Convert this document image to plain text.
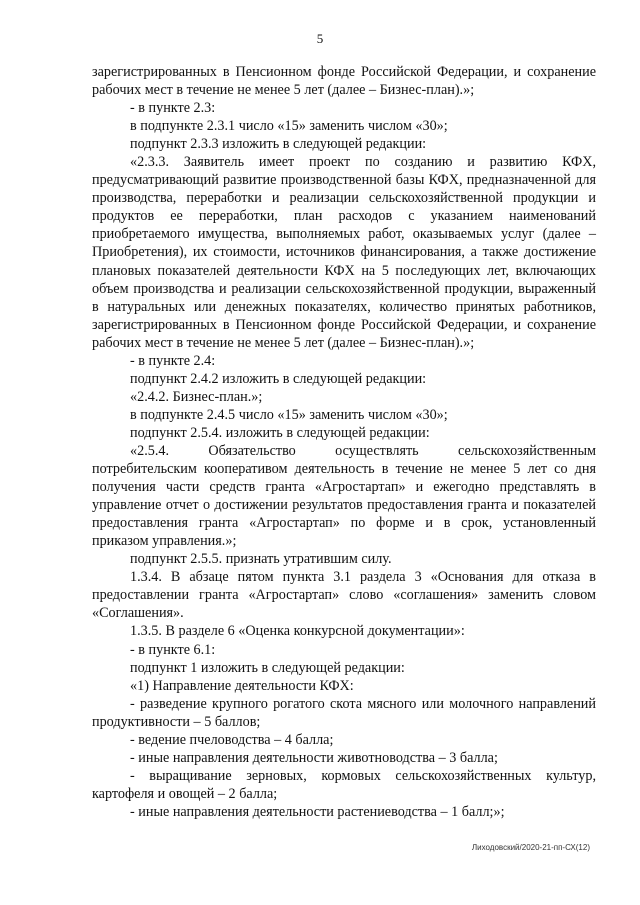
5

зарегистрированных в Пенсионном фонде Российской Федерации, и сохранение рабочих мест в течение не менее 5 лет (далее – Бизнес-план).»;

- в пункте 2.3:

в подпункте 2.3.1 число «15» заменить числом «30»;

подпункт 2.3.3 изложить в следующей редакции:

«2.3.3. Заявитель имеет проект по созданию и развитию КФХ, предусматривающий развитие производственной базы КФХ, предназначенной для производства, переработки и реализации сельскохозяйственной продукции и продуктов ее переработки, план расходов с указанием наименований приобретаемого имущества, выполняемых работ, оказываемых услуг (далее – Приобретения), их стоимости, источников финансирования, а также достижение плановых показателей деятельности КФХ на 5 последующих лет, включающих объем производства и реализации сельскохозяйственной продукции, выраженный в натуральных или денежных показателях, количество принятых работников, зарегистрированных в Пенсионном фонде Российской Федерации, и сохранение рабочих мест в течение не менее 5 лет (далее – Бизнес-план).»;

- в пункте 2.4:

подпункт 2.4.2 изложить в следующей редакции:

«2.4.2. Бизнес-план.»;

в подпункте 2.4.5 число «15» заменить числом «30»;

подпункт 2.5.4. изложить в следующей редакции:

«2.5.4. Обязательство осуществлять сельскохозяйственным потребительским кооперативом деятельность в течение не менее 5 лет со дня получения части средств гранта «Агростартап» и ежегодно представлять в управление отчет о достижении результатов предоставления гранта и показателей предоставления гранта «Агростартап» по форме и в срок, установленный приказом управления.»;

подпункт 2.5.5. признать утратившим силу.

1.3.4. В абзаце пятом пункта 3.1 раздела 3 «Основания для отказа в предоставлении гранта «Агростартап» слово «соглашения» заменить словом «Соглашения».

1.3.5. В разделе 6 «Оценка конкурсной документации»:

- в пункте 6.1:

подпункт 1 изложить в следующей редакции:

«1) Направление деятельности КФХ:

- разведение крупного рогатого скота мясного или молочного направлений продуктивности – 5 баллов;

- ведение пчеловодства – 4 балла;

- иные направления деятельности животноводства – 3 балла;

- выращивание зерновых, кормовых сельскохозяйственных культур, картофеля и овощей – 2 балла;

- иные направления деятельности растениеводства – 1 балл;»;

Лиходовский/2020-21-пп-СХ(12)
